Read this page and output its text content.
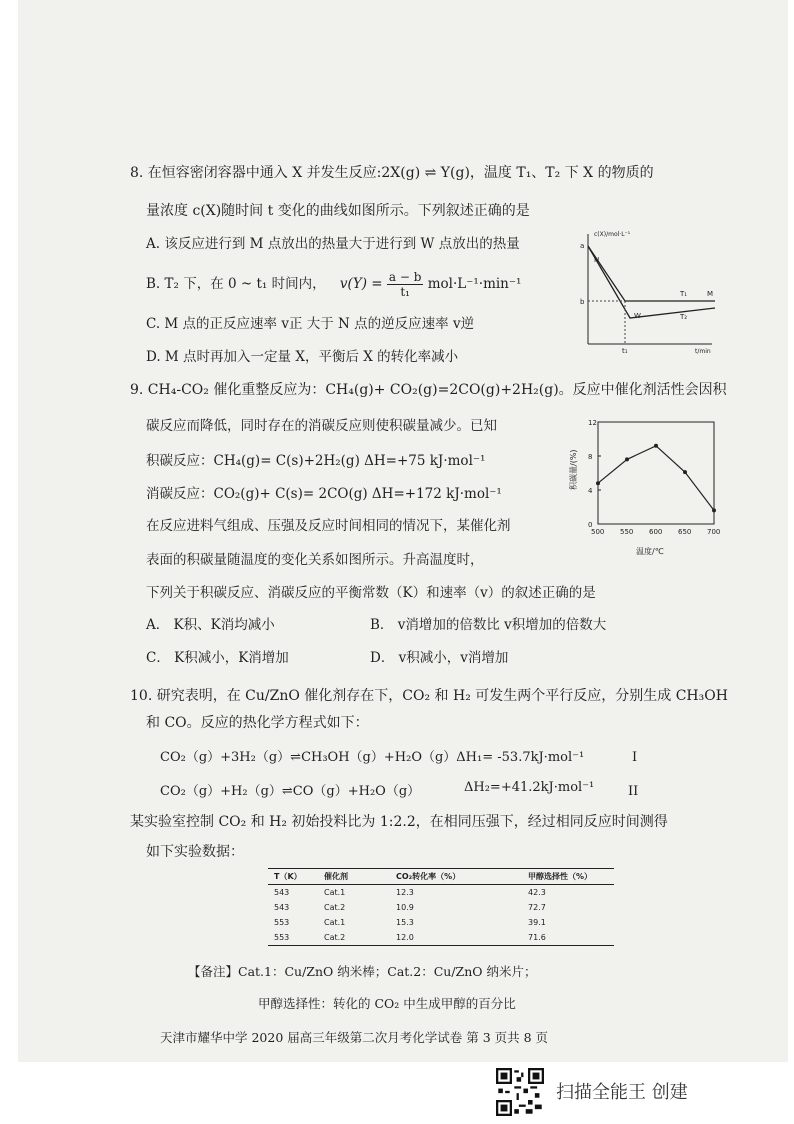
8. 在恒容密闭容器中通入 X 并发生反应:2X(g) ⇌ Y(g)，温度 T₁、T₂ 下 X 的物质的
量浓度 c(X)随时间 t 变化的曲线如图所示。下列叙述正确的是
A. 该反应进行到 M 点放出的热量大于进行到 W 点放出的热量
B. T₂ 下，在 0 ~ t₁ 时间内， $v(Y) = \frac{a - b}{\text{t₁}} mol\cdot L^{-1}\cdot\min^{-1}$
C. M 点的正反应速率 v正 大于 N 点的逆反应速率 v逆
D. M 点时再加入一定量 X，平衡后 X 的转化率减小
c(X)/mol·L⁻¹
a
b
N
W
M
T₁
T₂
t₁	t/min
9. CH₄-CO₂ 催化重整反应为：CH₄(g)+ CO₂(g)=2CO(g)+2H₂(g)。反应中催化剂活性会因积
碳反应而降低，同时存在的消碳反应则使积碳量减少。已知
积碳反应：CH₄(g)= C(s)+2H₂(g) ΔH=+75 kJ·mol⁻¹
消碳反应：CO₂(g)+ C(s)= 2CO(g) ΔH=+172 kJ·mol⁻¹
在反应进料气组成、压强及反应时间相同的情况下，某催化剂
表面的积碳量随温度的变化关系如图所示。升高温度时，
下列关于积碳反应、消碳反应的平衡常数（K）和速率（v）的叙述正确的是
A． K积、K消均减小	B． v消增加的倍数比 v积增加的倍数大
C． K积减小，K消增加	D． v积减小，v消增加
500 550 600 650 700
0
4
8
12
积碳量/(%)
温度/℃
10. 研究表明，在 Cu/ZnO 催化剂存在下，CO₂ 和 H₂ 可发生两个平行反应，分别生成 CH₃OH
和 CO。反应的热化学方程式如下：
CO₂（g）+3H₂（g）⇌CH₃OH（g）+H₂O（g）ΔH₁= -53.7kJ·mol⁻¹	I
CO₂（g）+H₂（g）⇌CO（g）+H₂O（g）	ΔH₂=+41.2kJ·mol⁻¹	II
某实验室控制 CO₂ 和 H₂ 初始投料比为 1:2.2，在相同压强下，经过相同反应时间测得
如下实验数据：
T（K）	催化剂	CO₂转化率（%）	甲醇选择性（%）
543	Cat.1	12.3	42.3
543	Cat.2	10.9	72.7
553	Cat.1	15.3	39.1
553	Cat.2	12.0	71.6
【备注】Cat.1：Cu/ZnO 纳米棒；Cat.2：Cu/ZnO 纳米片；
甲醇选择性：转化的 CO₂ 中生成甲醇的百分比
天津市耀华中学 2020 届高三年级第二次月考化学试卷 第 3 页共 8 页
扫描全能王 创建
